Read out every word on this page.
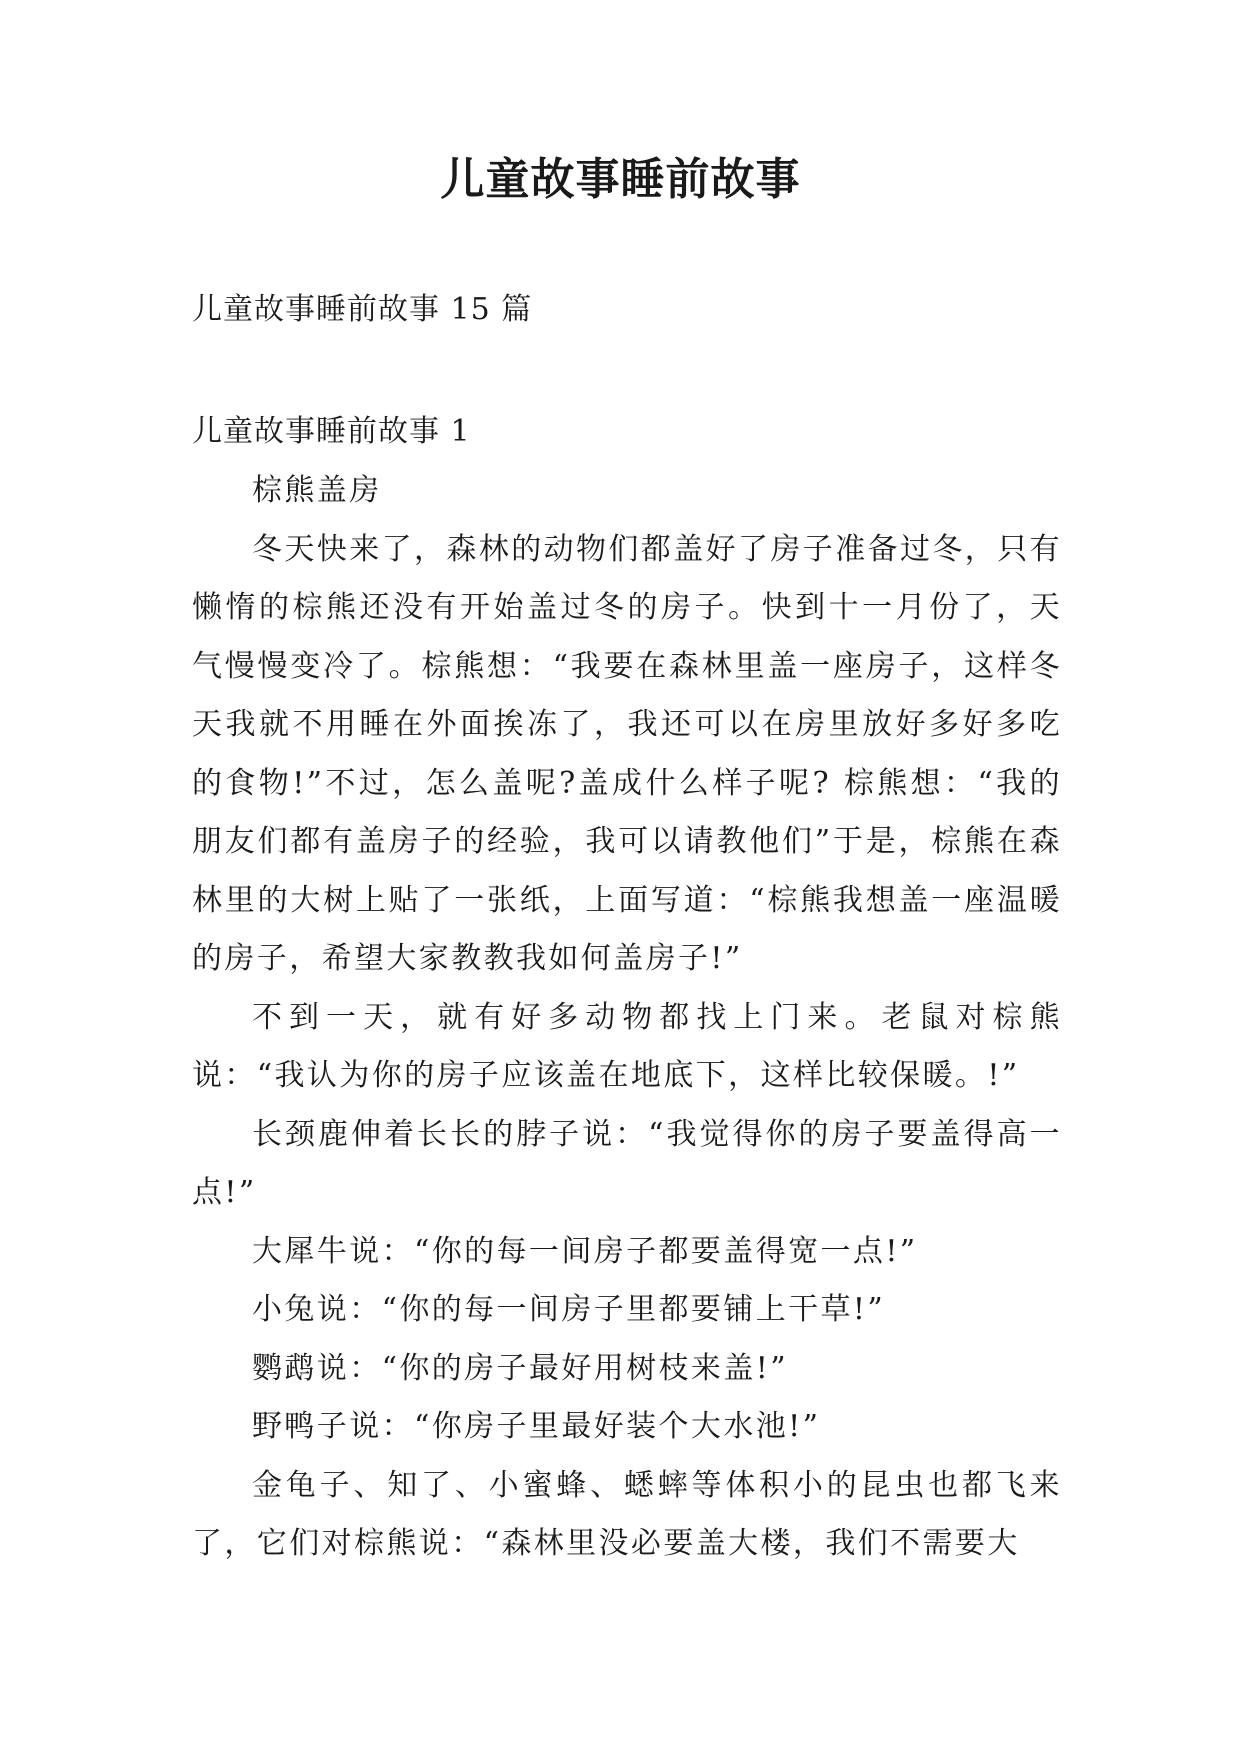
儿童故事睡前故事
儿童故事睡前故事 15 篇
儿童故事睡前故事 1

棕熊盖房

冬天快来了，森林的动物们都盖好了房子准备过冬，只有懒惰的棕熊还没有开始盖过冬的房子。快到十一月份了，天气慢慢变冷了。棕熊想：“我要在森林里盖一座房子，这样冬天我就不用睡在外面挨冻了，我还可以在房里放好多好多吃的食物!”不过，怎么盖呢?盖成什么样子呢? 棕熊想：“我的朋友们都有盖房子的经验，我可以请教他们”于是，棕熊在森林里的大树上贴了一张纸，上面写道：“棕熊我想盖一座温暖的房子，希望大家教教我如何盖房子!”

不到一天，就有好多动物都找上门来。老鼠对棕熊说：“我认为你的房子应该盖在地底下，这样比较保暖。!”

长颈鹿伸着长长的脖子说：“我觉得你的房子要盖得高一点!”

大犀牛说：“你的每一间房子都要盖得宽一点!”

小兔说：“你的每一间房子里都要铺上干草!”

鹦鹉说：“你的房子最好用树枝来盖!”

野鸭子说：“你房子里最好装个大水池!”

金龟子、知了、小蜜蜂、蟋蟀等体积小的昆虫也都飞来了，它们对棕熊说：“森林里没必要盖大楼，我们不需要大
